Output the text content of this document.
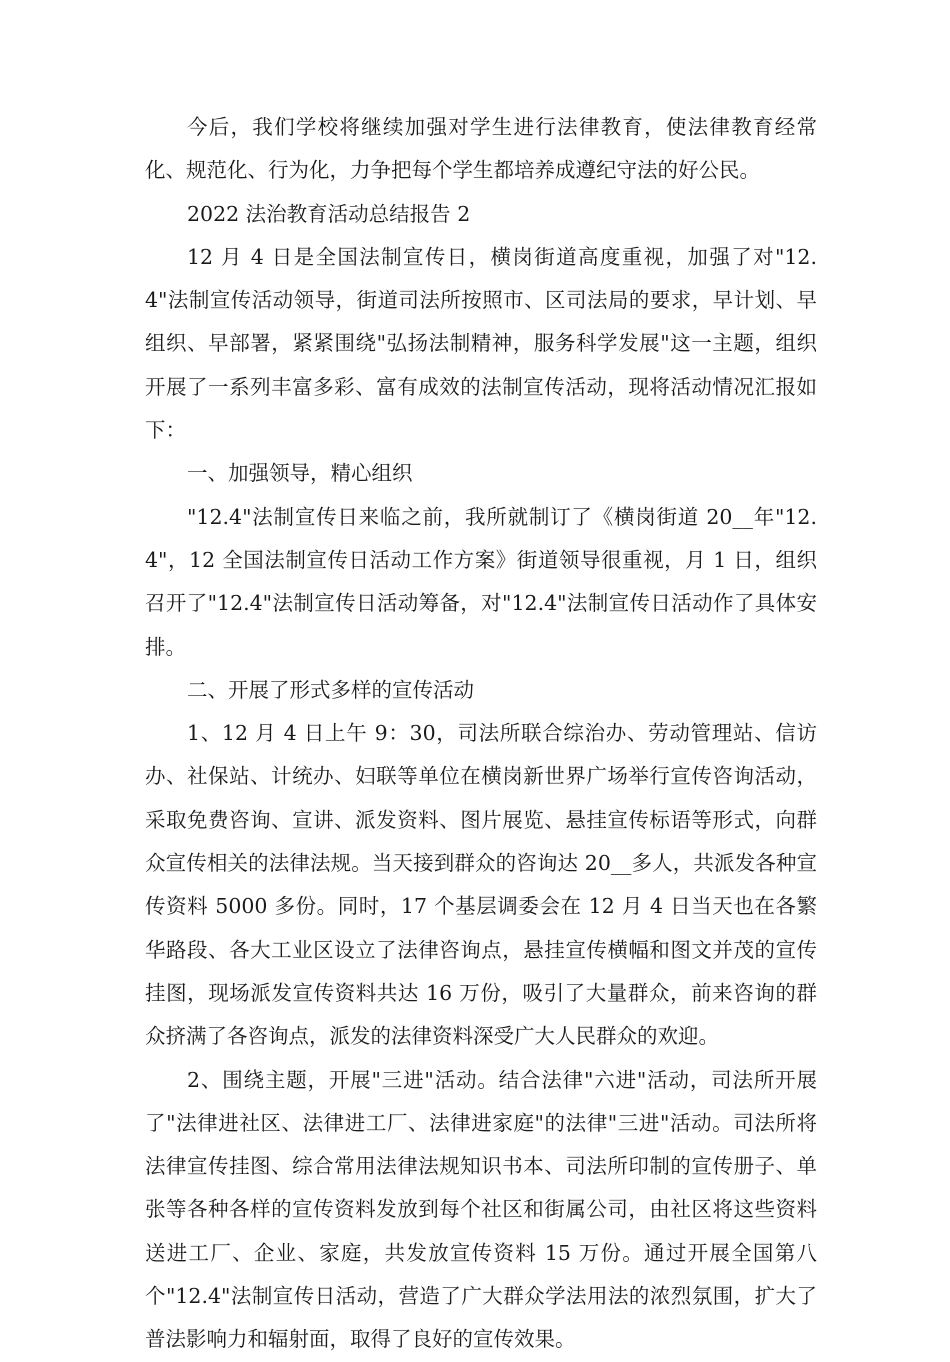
今后，我们学校将继续加强对学生进行法律教育，使法律教育经常化、规范化、行为化，力争把每个学生都培养成遵纪守法的好公民。

2022 法治教育活动总结报告 2

12 月 4 日是全国法制宣传日，横岗街道高度重视，加强了对"12.4"法制宣传活动领导，街道司法所按照市、区司法局的要求，早计划、早组织、早部署，紧紧围绕"弘扬法制精神，服务科学发展"这一主题，组织开展了一系列丰富多彩、富有成效的法制宣传活动，现将活动情况汇报如下：

一、加强领导，精心组织

"12.4"法制宣传日来临之前，我所就制订了《横岗街道 20__年"12.4"，12 全国法制宣传日活动工作方案》街道领导很重视，月 1 日，组织召开了"12.4"法制宣传日活动筹备，对"12.4"法制宣传日活动作了具体安排。

二、开展了形式多样的宣传活动

1、12 月 4 日上午 9：30，司法所联合综治办、劳动管理站、信访办、社保站、计统办、妇联等单位在横岗新世界广场举行宣传咨询活动，采取免费咨询、宣讲、派发资料、图片展览、悬挂宣传标语等形式，向群众宣传相关的法律法规。当天接到群众的咨询达 20__多人，共派发各种宣传资料 5000 多份。同时，17 个基层调委会在 12 月 4 日当天也在各繁华路段、各大工业区设立了法律咨询点，悬挂宣传横幅和图文并茂的宣传挂图，现场派发宣传资料共达 16 万份，吸引了大量群众，前来咨询的群众挤满了各咨询点，派发的法律资料深受广大人民群众的欢迎。

2、围绕主题，开展"三进"活动。结合法律"六进"活动，司法所开展了"法律进社区、法律进工厂、法律进家庭"的法律"三进"活动。司法所将法律宣传挂图、综合常用法律法规知识书本、司法所印制的宣传册子、单张等各种各样的宣传资料发放到每个社区和街属公司，由社区将这些资料送进工厂、企业、家庭，共发放宣传资料 15 万份。通过开展全国第八个"12.4"法制宣传日活动，营造了广大群众学法用法的浓烈氛围，扩大了普法影响力和辐射面，取得了良好的宣传效果。
